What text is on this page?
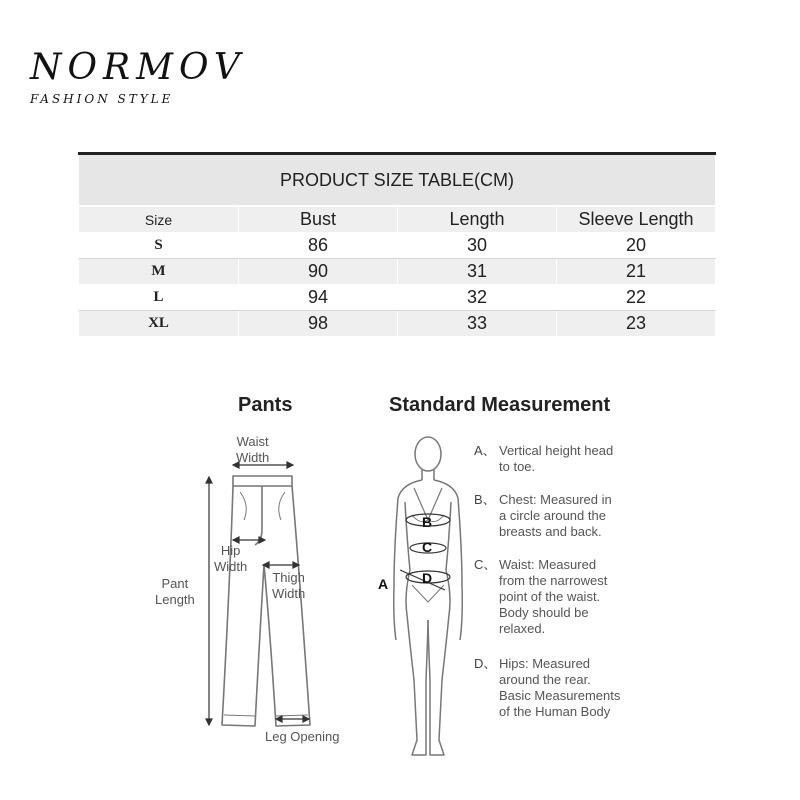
NORMOV
FASHION STYLE
PRODUCT SIZE TABLE(CM)			
Size	Bust	Length	Sleeve Length
S	86	30	20
M	90	31	21
L	94	32	22
XL	98	33	23
Pants	Standard Measurement
Waist
Width
Hip
Width
Thigh
Width
Pant
Length
Leg Opening
A
B
C
D
A、 Vertical height head
to toe.
B、 Chest: Measured in
a circle around the
breasts and back.
C、 Waist: Measured
from the narrowest
point of the waist.
Body should be
relaxed.
D、 Hips: Measured
around the rear.
Basic Measurements
of the Human Body
